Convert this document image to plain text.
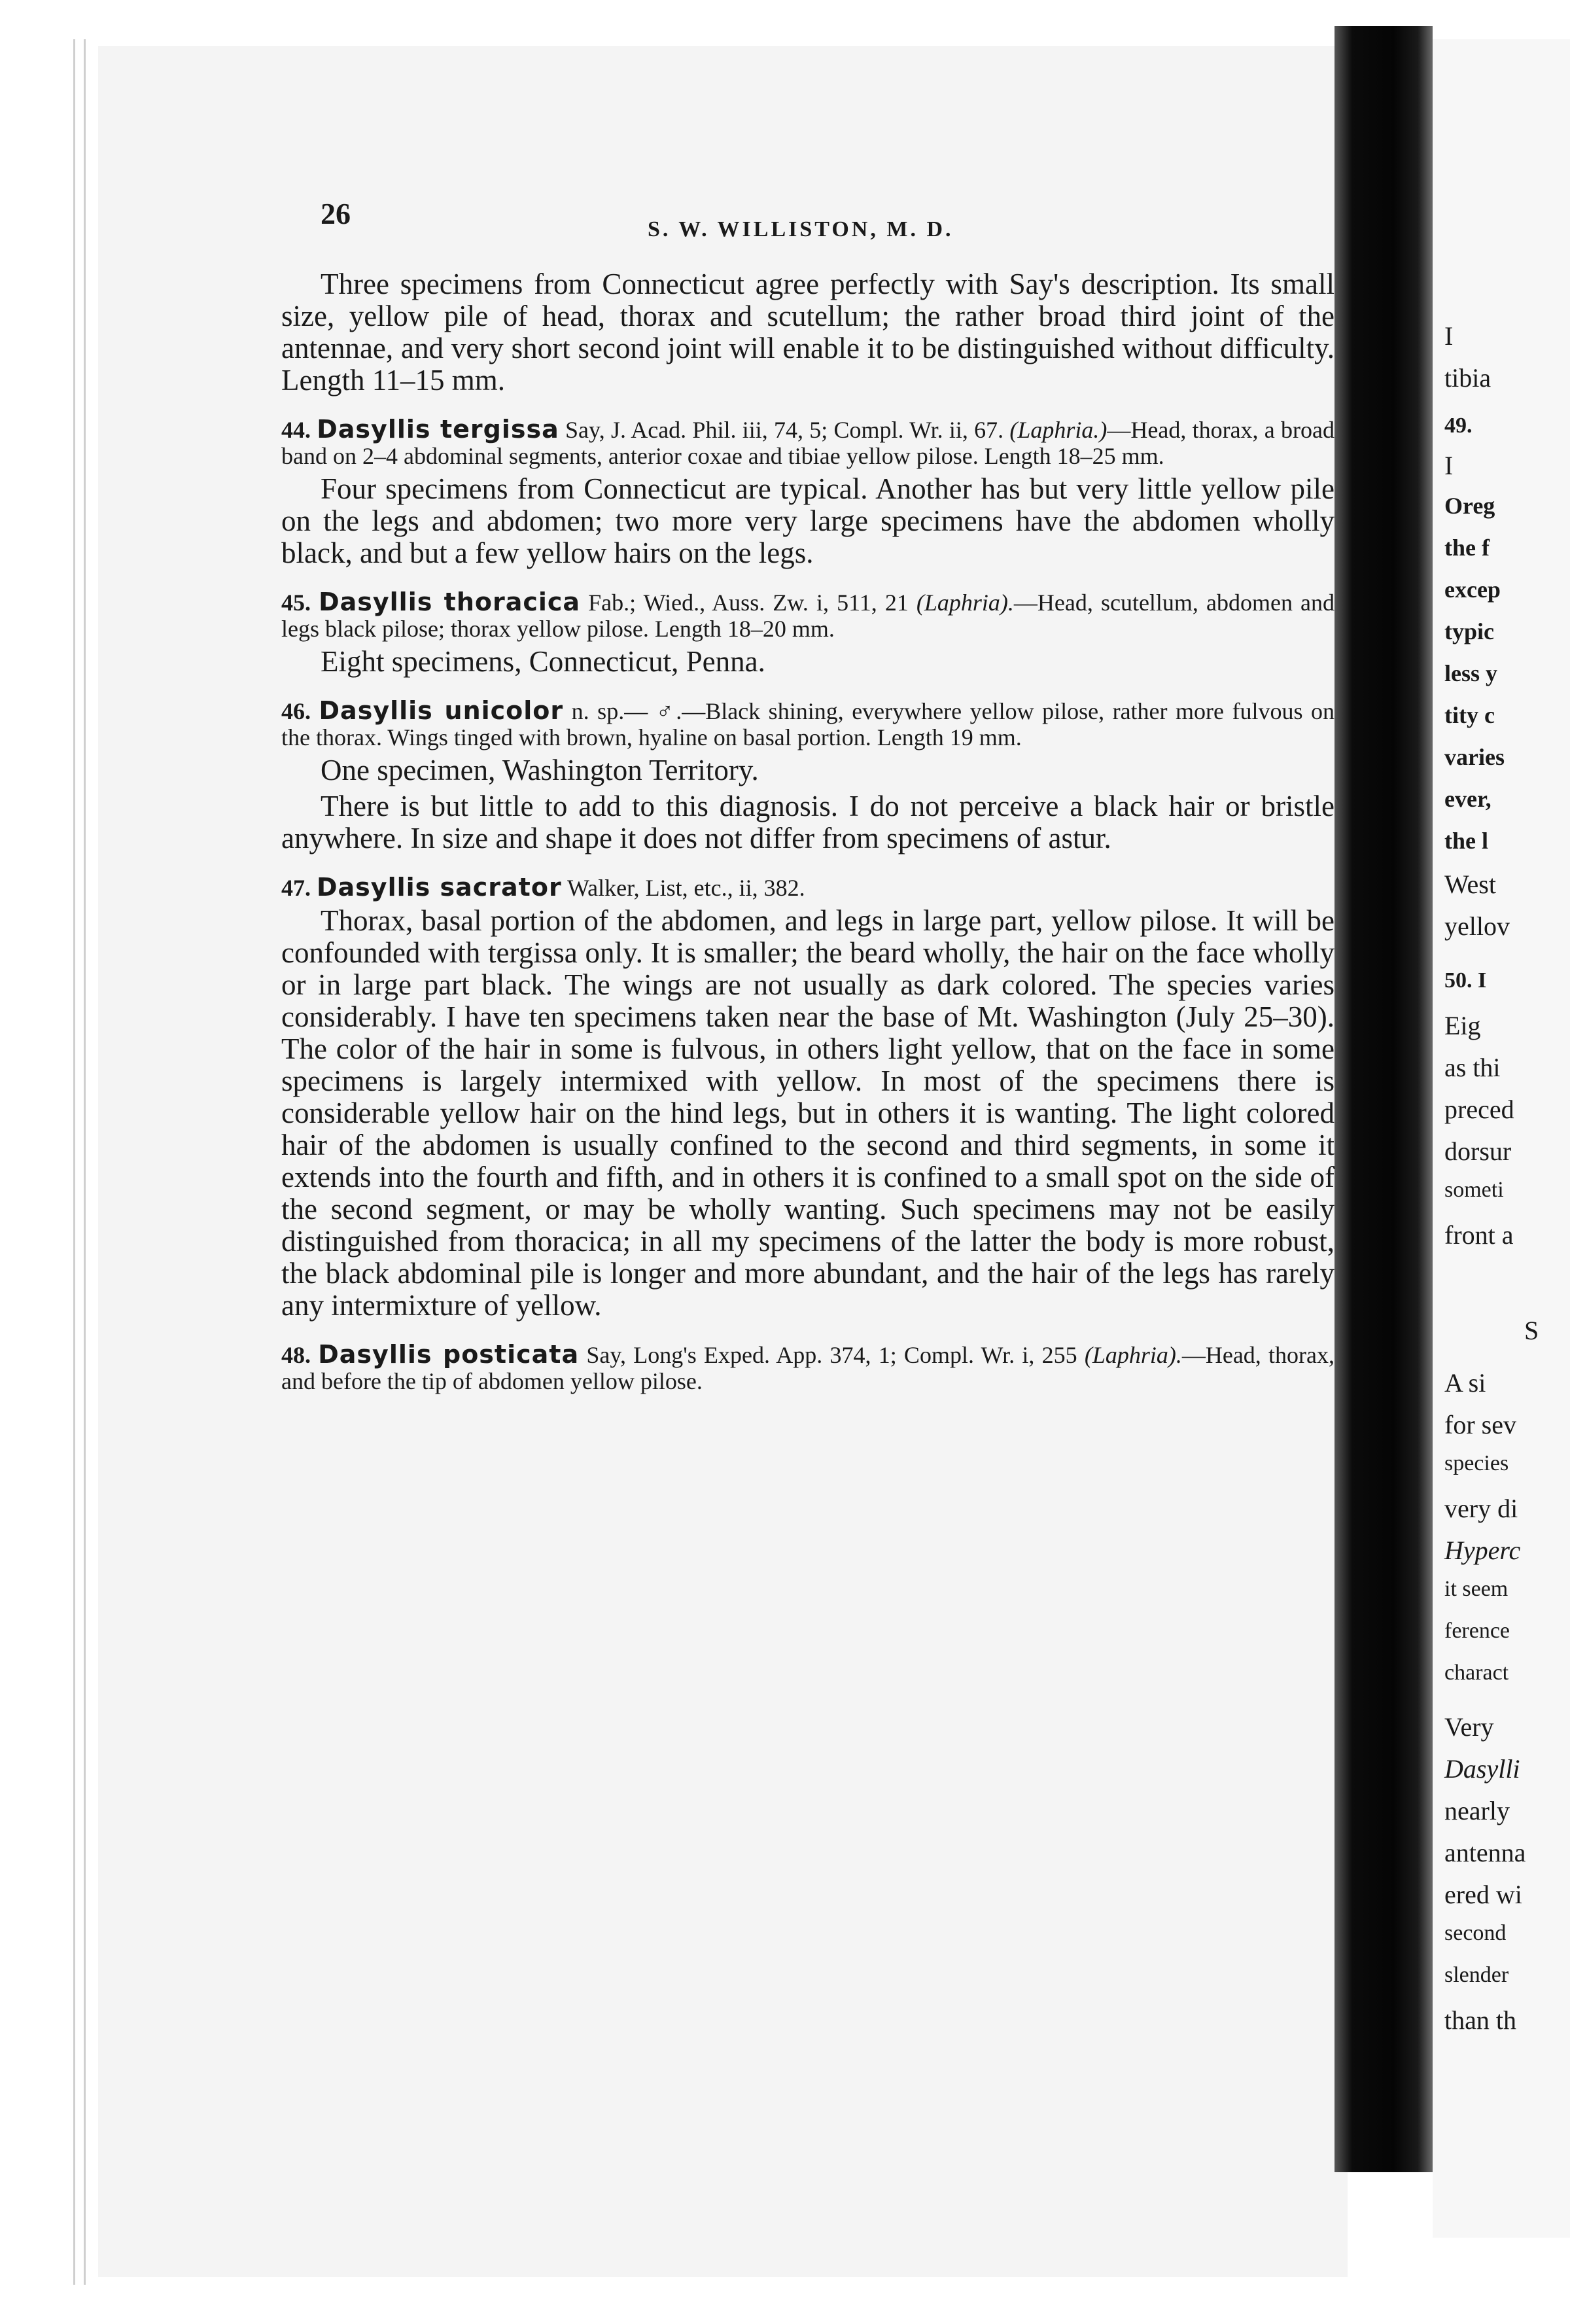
I
tibia
49.
I
Oreg
the f
excep
typic
less y
tity c
varies
ever,
the l
West
yellov
50. I
Eig
as thi
preced
dorsur
someti
front a
S
A si
for sev
species
very di
Hyperc
it seem
ference
charact
Very
Dasylli
nearly
antenna
ered wi
second
slender
than th
26	S. W. WILLISTON, M. D.

Three specimens from Connecticut agree perfectly with Say's description. Its small size, yellow pile of head, thorax and scutellum; the rather broad third joint of the antennae, and very short second joint will enable it to be distinguished without difficulty. Length 11–15 mm.

44. Dasyllis tergissa Say, J. Acad. Phil. iii, 74, 5; Compl. Wr. ii, 67. (Laphria.)—Head, thorax, a broad band on 2–4 abdominal segments, anterior coxae and tibiae yellow pilose. Length 18–25 mm.

Four specimens from Connecticut are typical. Another has but very little yellow pile on the legs and abdomen; two more very large specimens have the abdomen wholly black, and but a few yellow hairs on the legs.

45. Dasyllis thoracica Fab.; Wied., Auss. Zw. i, 511, 21 (Laphria).—Head, scutellum, abdomen and legs black pilose; thorax yellow pilose. Length 18–20 mm.

Eight specimens, Connecticut, Penna.

46. Dasyllis unicolor n. sp.— ♂.—Black shining, everywhere yellow pilose, rather more fulvous on the thorax. Wings tinged with brown, hyaline on basal portion. Length 19 mm.

One specimen, Washington Territory.

There is but little to add to this diagnosis. I do not perceive a black hair or bristle anywhere. In size and shape it does not differ from specimens of astur.

47. Dasyllis sacrator Walker, List, etc., ii, 382.

Thorax, basal portion of the abdomen, and legs in large part, yellow pilose. It will be confounded with tergissa only. It is smaller; the beard wholly, the hair on the face wholly or in large part black. The wings are not usually as dark colored. The species varies considerably. I have ten specimens taken near the base of Mt. Washington (July 25–30). The color of the hair in some is fulvous, in others light yellow, that on the face in some specimens is largely intermixed with yellow. In most of the specimens there is considerable yellow hair on the hind legs, but in others it is wanting. The light colored hair of the abdomen is usually confined to the second and third segments, in some it extends into the fourth and fifth, and in others it is confined to a small spot on the side of the second segment, or may be wholly wanting. Such specimens may not be easily distinguished from thoracica; in all my specimens of the latter the body is more robust, the black abdominal pile is longer and more abundant, and the hair of the legs has rarely any intermixture of yellow.

48. Dasyllis posticata Say, Long's Exped. App. 374, 1; Compl. Wr. i, 255 (Laphria).—Head, thorax, and before the tip of abdomen yellow pilose.
